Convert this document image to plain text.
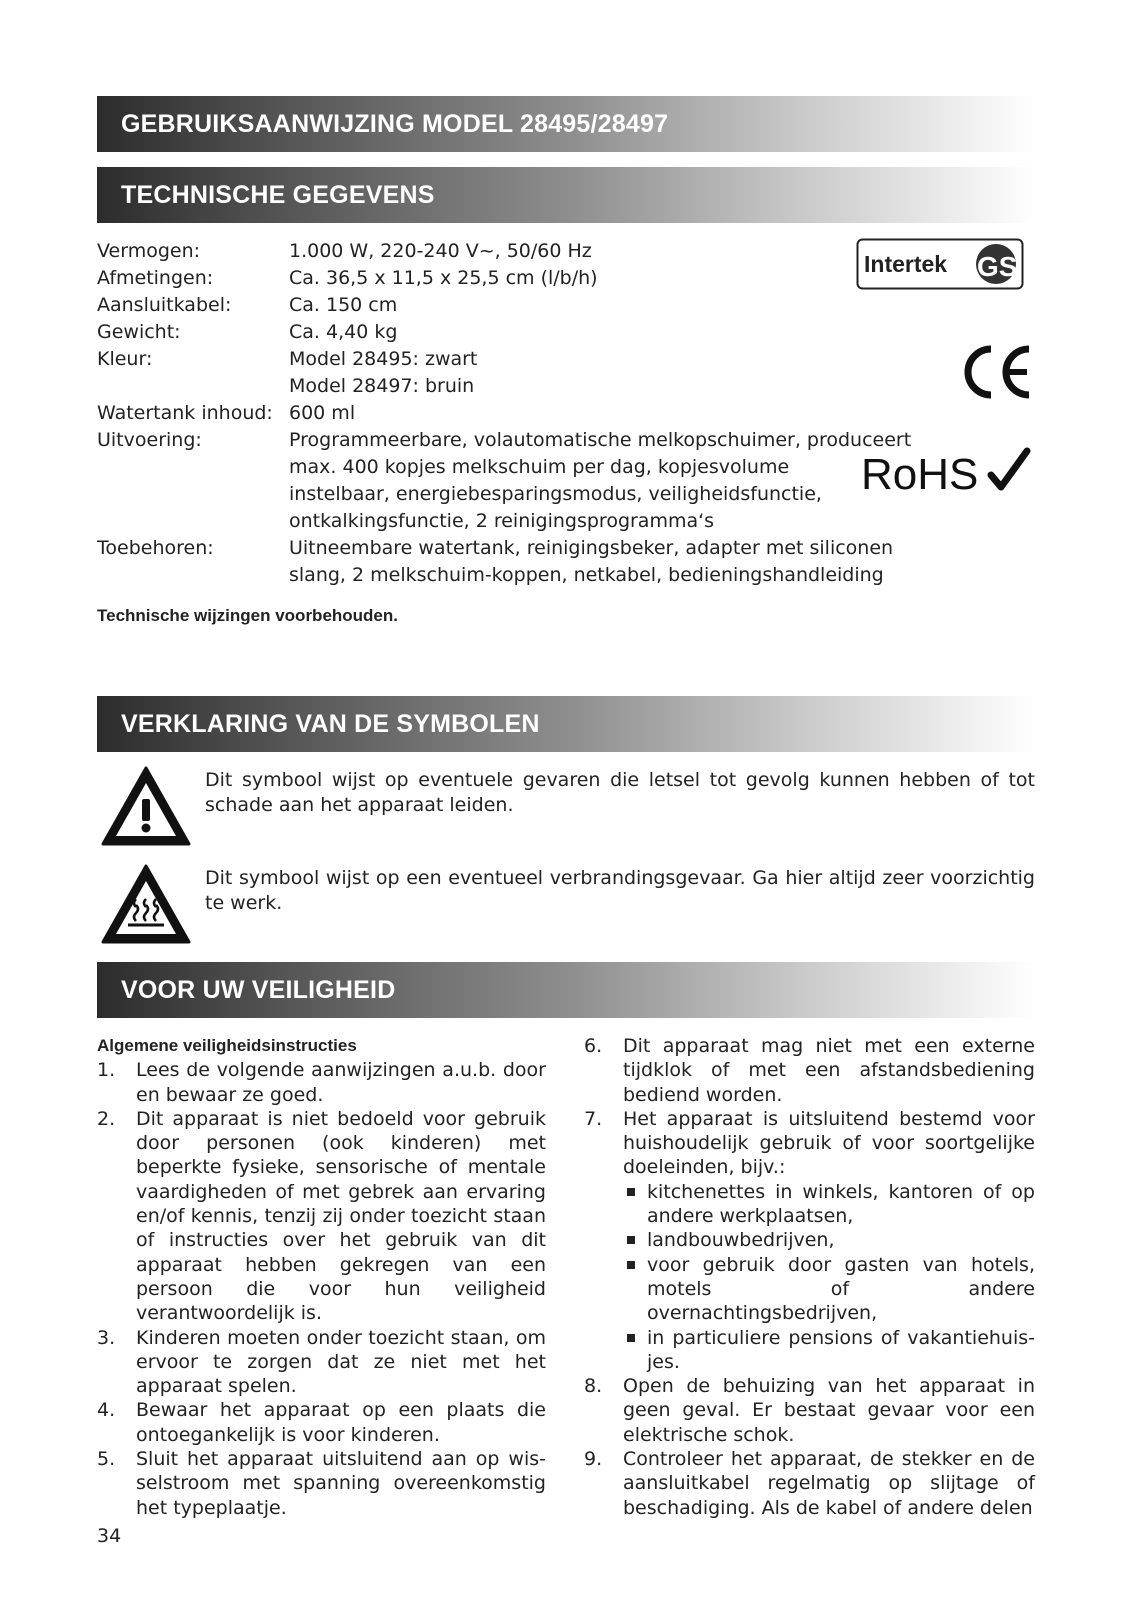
GEBRUIKSAANWIJZING MODEL 28495/28497
TECHNISCHE GEGEVENS
Vermogen:	1.000 W, 220-240 V~, 50/60 Hz
Afmetingen:	Ca. 36,5 x 11,5 x 25,5 cm (l/b/h)
Aansluitkabel:	Ca. 150 cm
Gewicht:	Ca. 4,40 kg
Kleur:	Model 28495: zwart
Model 28497: bruin
Watertank inhoud: 600 ml
Uitvoering:	Programmeerbare, volautomatische melkopschuimer, produceert
max. 400 kopjes melkschuim per dag, kopjesvolume
instelbaar, energiebesparingsmodus, veiligheidsfunctie,
ontkalkingsfunctie, 2 reinigingsprogramma‘s
Toebehoren:	Uitneembare watertank, reinigingsbeker, adapter met siliconen
slang, 2 melkschuim-koppen, netkabel, bedieningshandleiding
Intertek GS
RoHS
Technische wijzingen voorbehouden.
VERKLARING VAN DE SYMBOLEN
Dit symbool wijst op eventuele gevaren die letsel tot gevolg kunnen hebben of tot schade aan het apparaat leiden.
Dit symbool wijst op een eventueel verbrandingsgevaar. Ga hier altijd zeer voorzichtig te werk.
VOOR UW VEILIGHEID
Algemene veiligheidsinstructies
1. Lees de volgende aanwijzingen a.u.b. door en bewaar ze goed.
2. Dit apparaat is niet bedoeld voor gebruik door personen (ook kinderen) met beperkte fysieke, sensorische of mentale vaardigheden of met gebrek aan ervaring en/of kennis, tenzij zij onder toezicht staan of instructies over het gebruik van dit apparaat hebben gekregen van een persoon die voor hun veiligheid verantwoordelijk is.
3. Kinderen moeten onder toezicht staan, om ervoor te zorgen dat ze niet met het apparaat spelen.
4. Bewaar het apparaat op een plaats die ontoegankelijk is voor kinderen.
5. Sluit het apparaat uitsluitend aan op wisselstroom met spanning overeenkomstig het typeplaatje.
6. Dit apparaat mag niet met een externe tijdklok of met een afstandsbediening bediend worden.
7. Het apparaat is uitsluitend bestemd voor huishoudelijk gebruik of voor soortgelijke doeleinden, bijv.:
kitchenettes in winkels, kantoren of op andere werkplaatsen,
landbouwbedrijven,
voor gebruik door gasten van hotels, motels of andere overnachtingsbedrijven,
in particuliere pensions of vakantiehuisjes.
8. Open de behuizing van het apparaat in geen geval. Er bestaat gevaar voor een elektrische schok.
9. Controleer het apparaat, de stekker en de aansluitkabel regelmatig op slijtage of beschadiging. Als de kabel of andere delen
34
